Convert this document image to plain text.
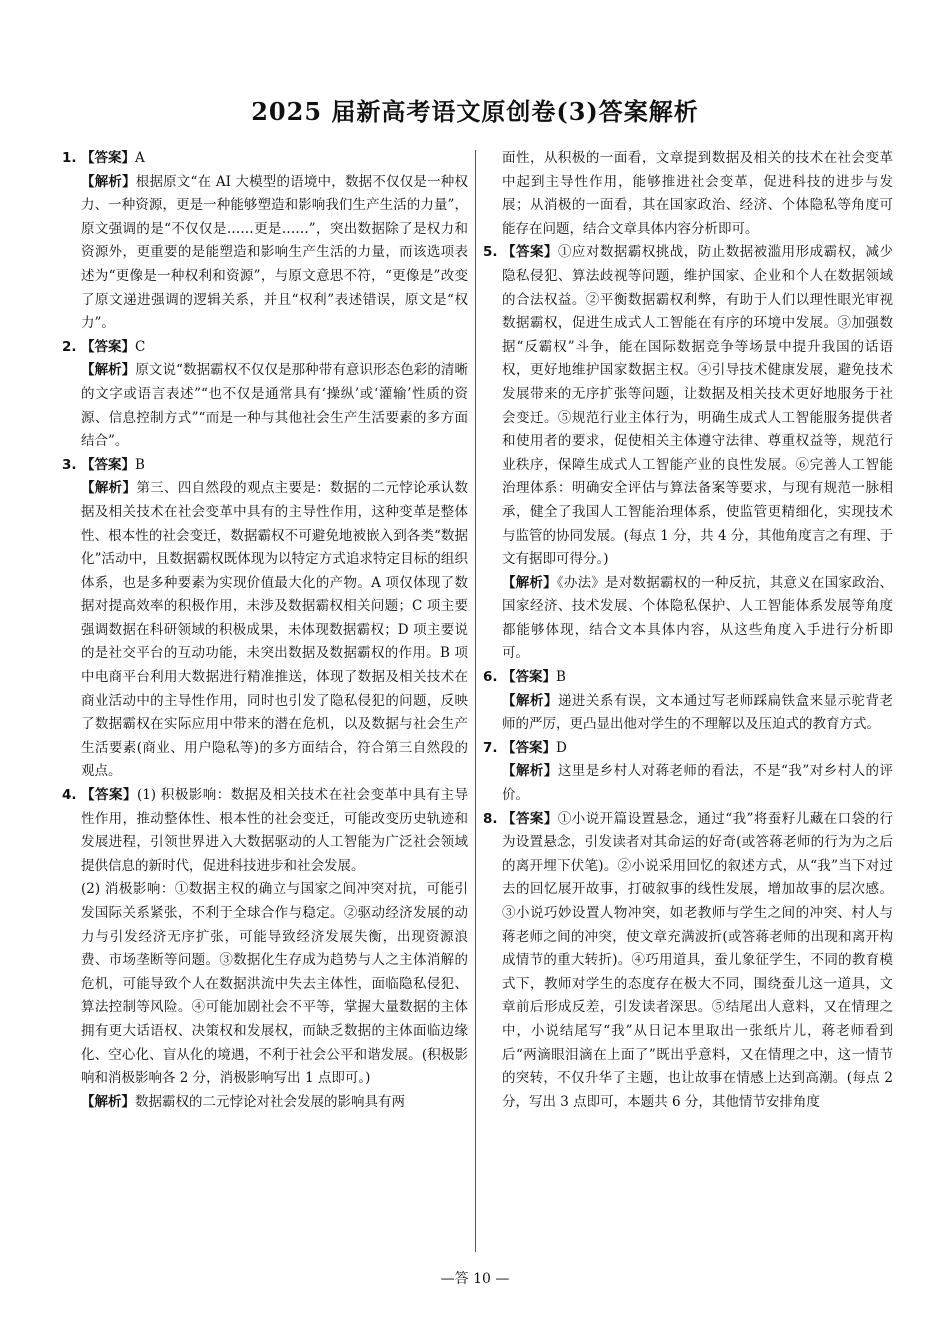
2025 届新高考语文原创卷(3)答案解析
1. 【答案】A
【解析】根据原文“在 AI 大模型的语境中，数据不仅仅是一种权力、一种资源，更是一种能够塑造和影响我们生产生活的力量”，原文强调的是“不仅仅是……更是……”，突出数据除了是权力和资源外，更重要的是能塑造和影响生产生活的力量，而该选项表述为“更像是一种权利和资源”，与原文意思不符，“更像是”改变了原文递进强调的逻辑关系，并且“权利”表述错误，原文是“权力”。
2. 【答案】C
【解析】原文说“数据霸权不仅仅是那种带有意识形态色彩的清晰的文字或语言表述”“也不仅是通常具有‘操纵’或‘灌输’性质的资源、信息控制方式”“而是一种与其他社会生产生活要素的多方面结合”。
3. 【答案】B
【解析】第三、四自然段的观点主要是：数据的二元悖论承认数据及相关技术在社会变革中具有的主导性作用，这种变革是整体性、根本性的社会变迁，数据霸权不可避免地被嵌入到各类“数据化”活动中，且数据霸权既体现为以特定方式追求特定目标的组织体系，也是多种要素为实现价值最大化的产物。A 项仅体现了数据对提高效率的积极作用，未涉及数据霸权相关问题；C 项主要强调数据在科研领域的积极成果，未体现数据霸权；D 项主要说的是社交平台的互动功能，未突出数据及数据霸权的作用。B 项中电商平台利用大数据进行精准推送，体现了数据及相关技术在商业活动中的主导性作用，同时也引发了隐私侵犯的问题，反映了数据霸权在实际应用中带来的潜在危机，以及数据与社会生产生活要素(商业、用户隐私等)的多方面结合，符合第三自然段的观点。
4. 【答案】(1) 积极影响：数据及相关技术在社会变革中具有主导性作用，推动整体性、根本性的社会变迁，可能改变历史轨迹和发展进程，引领世界进入大数据驱动的人工智能为广泛社会领域提供信息的新时代，促进科技进步和社会发展。
(2) 消极影响：①数据主权的确立与国家之间冲突对抗，可能引发国际关系紧张，不利于全球合作与稳定。②驱动经济发展的动力与引发经济无序扩张，可能导致经济发展失衡，出现资源浪费、市场垄断等问题。③数据化生存成为趋势与人之主体消解的危机，可能导致个人在数据洪流中失去主体性，面临隐私侵犯、算法控制等风险。④可能加剧社会不平等，掌握大量数据的主体拥有更大话语权、决策权和发展权，而缺乏数据的主体面临边缘化、空心化、盲从化的境遇，不利于社会公平和谐发展。(积极影响和消极影响各 2 分，消极影响写出 1 点即可。)
【解析】数据霸权的二元悖论对社会发展的影响具有两
面性，从积极的一面看，文章提到数据及相关的技术在社会变革中起到主导性作用，能够推进社会变革，促进科技的进步与发展；从消极的一面看，其在国家政治、经济、个体隐私等角度可能存在问题，结合文章具体内容分析即可。
5. 【答案】①应对数据霸权挑战，防止数据被滥用形成霸权，减少隐私侵犯、算法歧视等问题，维护国家、企业和个人在数据领域的合法权益。②平衡数据霸权利弊，有助于人们以理性眼光审视数据霸权，促进生成式人工智能在有序的环境中发展。③加强数据“反霸权”斗争，能在国际数据竞争等场景中提升我国的话语权，更好地维护国家数据主权。④引导技术健康发展，避免技术发展带来的无序扩张等问题，让数据及相关技术更好地服务于社会变迁。⑤规范行业主体行为，明确生成式人工智能服务提供者和使用者的要求，促使相关主体遵守法律、尊重权益等，规范行业秩序，保障生成式人工智能产业的良性发展。⑥完善人工智能治理体系：明确安全评估与算法备案等要求，与现有规范一脉相承，健全了我国人工智能治理体系，使监管更精细化，实现技术与监管的协同发展。(每点 1 分，共 4 分，其他角度言之有理、于文有据即可得分。)
【解析】《办法》是对数据霸权的一种反抗，其意义在国家政治、国家经济、技术发展、个体隐私保护、人工智能体系发展等角度都能够体现，结合文本具体内容，从这些角度入手进行分析即可。
6. 【答案】B
【解析】递进关系有误，文本通过写老师踩扁铁盒来显示驼背老师的严厉，更凸显出他对学生的不理解以及压迫式的教育方式。
7. 【答案】D
【解析】这里是乡村人对蒋老师的看法，不是“我”对乡村人的评价。
8. 【答案】①小说开篇设置悬念，通过“我”将蚕籽儿藏在口袋的行为设置悬念，引发读者对其命运的好奇(或答蒋老师的行为为之后的离开埋下伏笔)。②小说采用回忆的叙述方式，从“我”当下对过去的回忆展开故事，打破叙事的线性发展，增加故事的层次感。③小说巧妙设置人物冲突，如老教师与学生之间的冲突、村人与蒋老师之间的冲突，使文章充满波折(或答蒋老师的出现和离开构成情节的重大转折)。④巧用道具，蚕儿象征学生，不同的教育模式下，教师对学生的态度存在极大不同，围绕蚕儿这一道具，文章前后形成反差，引发读者深思。⑤结尾出人意料，又在情理之中，小说结尾写“我”从日记本里取出一张纸片儿，蒋老师看到后“两滴眼泪滴在上面了”既出乎意料，又在情理之中，这一情节的突转，不仅升华了主题，也让故事在情感上达到高潮。(每点 2 分，写出 3 点即可，本题共 6 分，其他情节安排角度
—答 10 —
